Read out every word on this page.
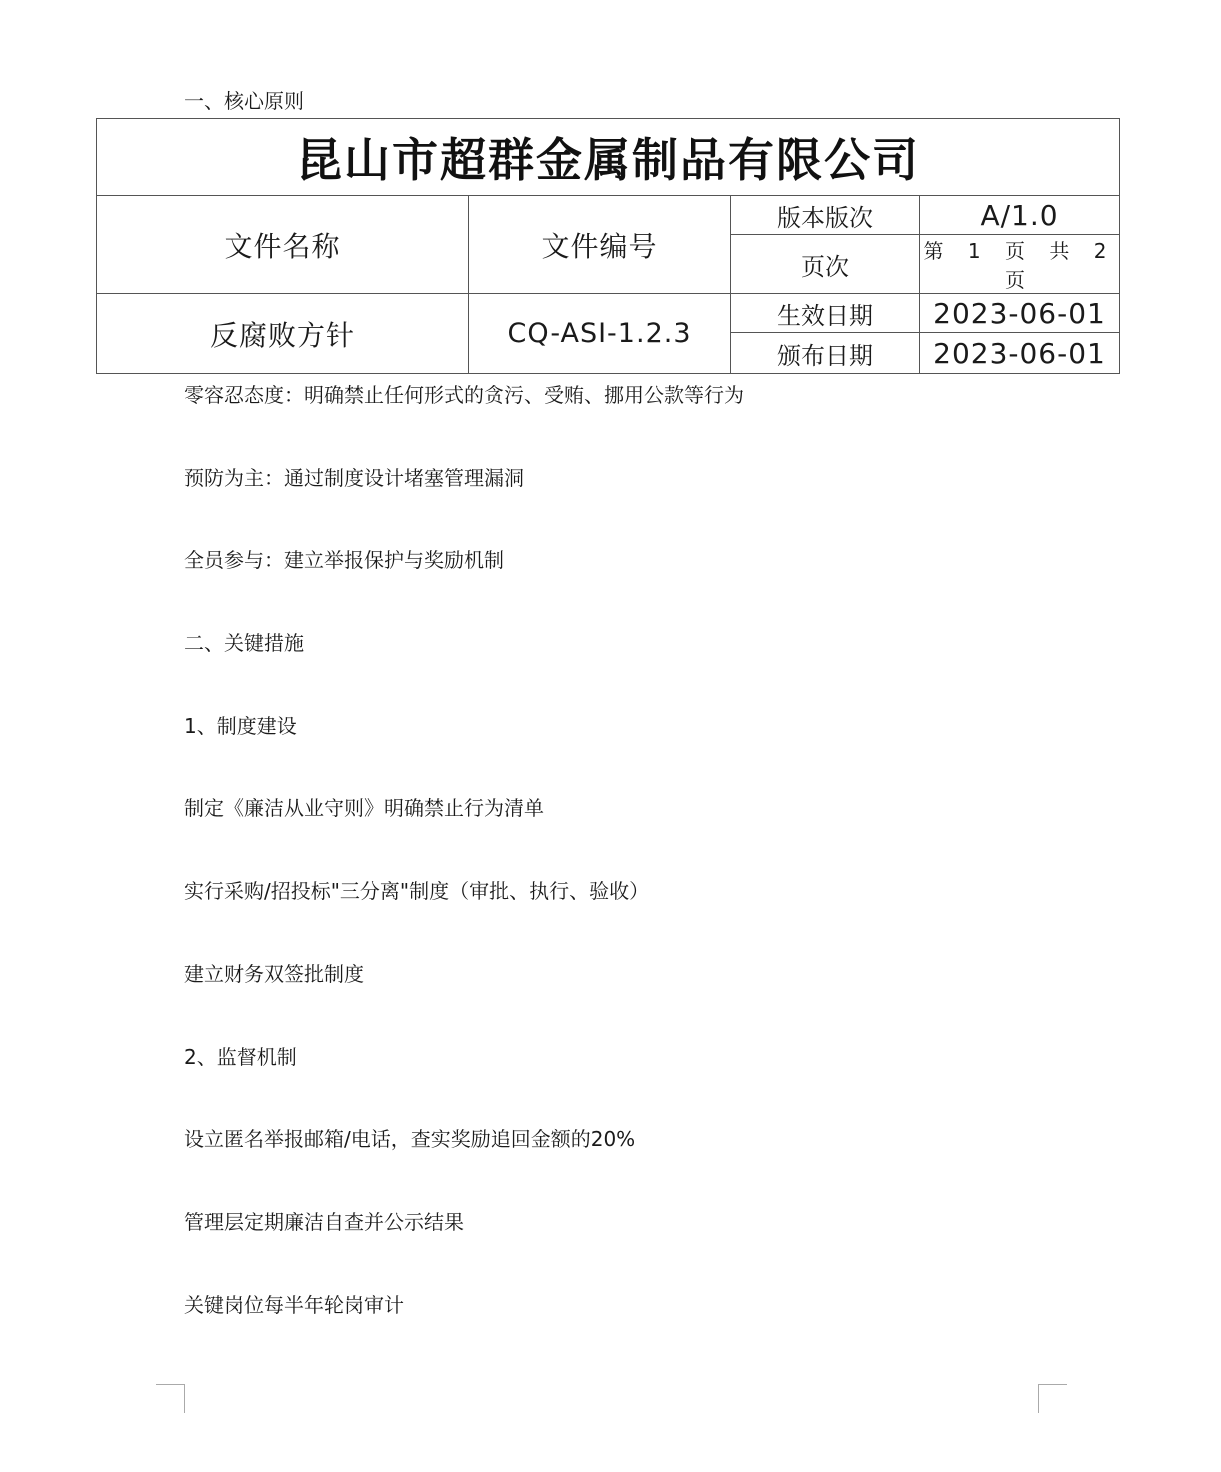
一、核心原则
昆山市超群金属制品有限公司			
文件名称	文件编号	版本版次	A/1.0
		页次	第 1 页 共 2 页
反腐败方针	CQ-ASI-1.2.3	生效日期	2023-06-01
		颁布日期	2023-06-01
零容忍态度：明确禁止任何形式的贪污、受贿、挪用公款等行为
预防为主：通过制度设计堵塞管理漏洞
全员参与：建立举报保护与奖励机制
二、关键措施
1、制度建设
制定《廉洁从业守则》明确禁止行为清单
实行采购/招投标"三分离"制度（审批、执行、验收）
建立财务双签批制度
2、监督机制
设立匿名举报邮箱/电话，查实奖励追回金额的20%
管理层定期廉洁自查并公示结果
关键岗位每半年轮岗审计
